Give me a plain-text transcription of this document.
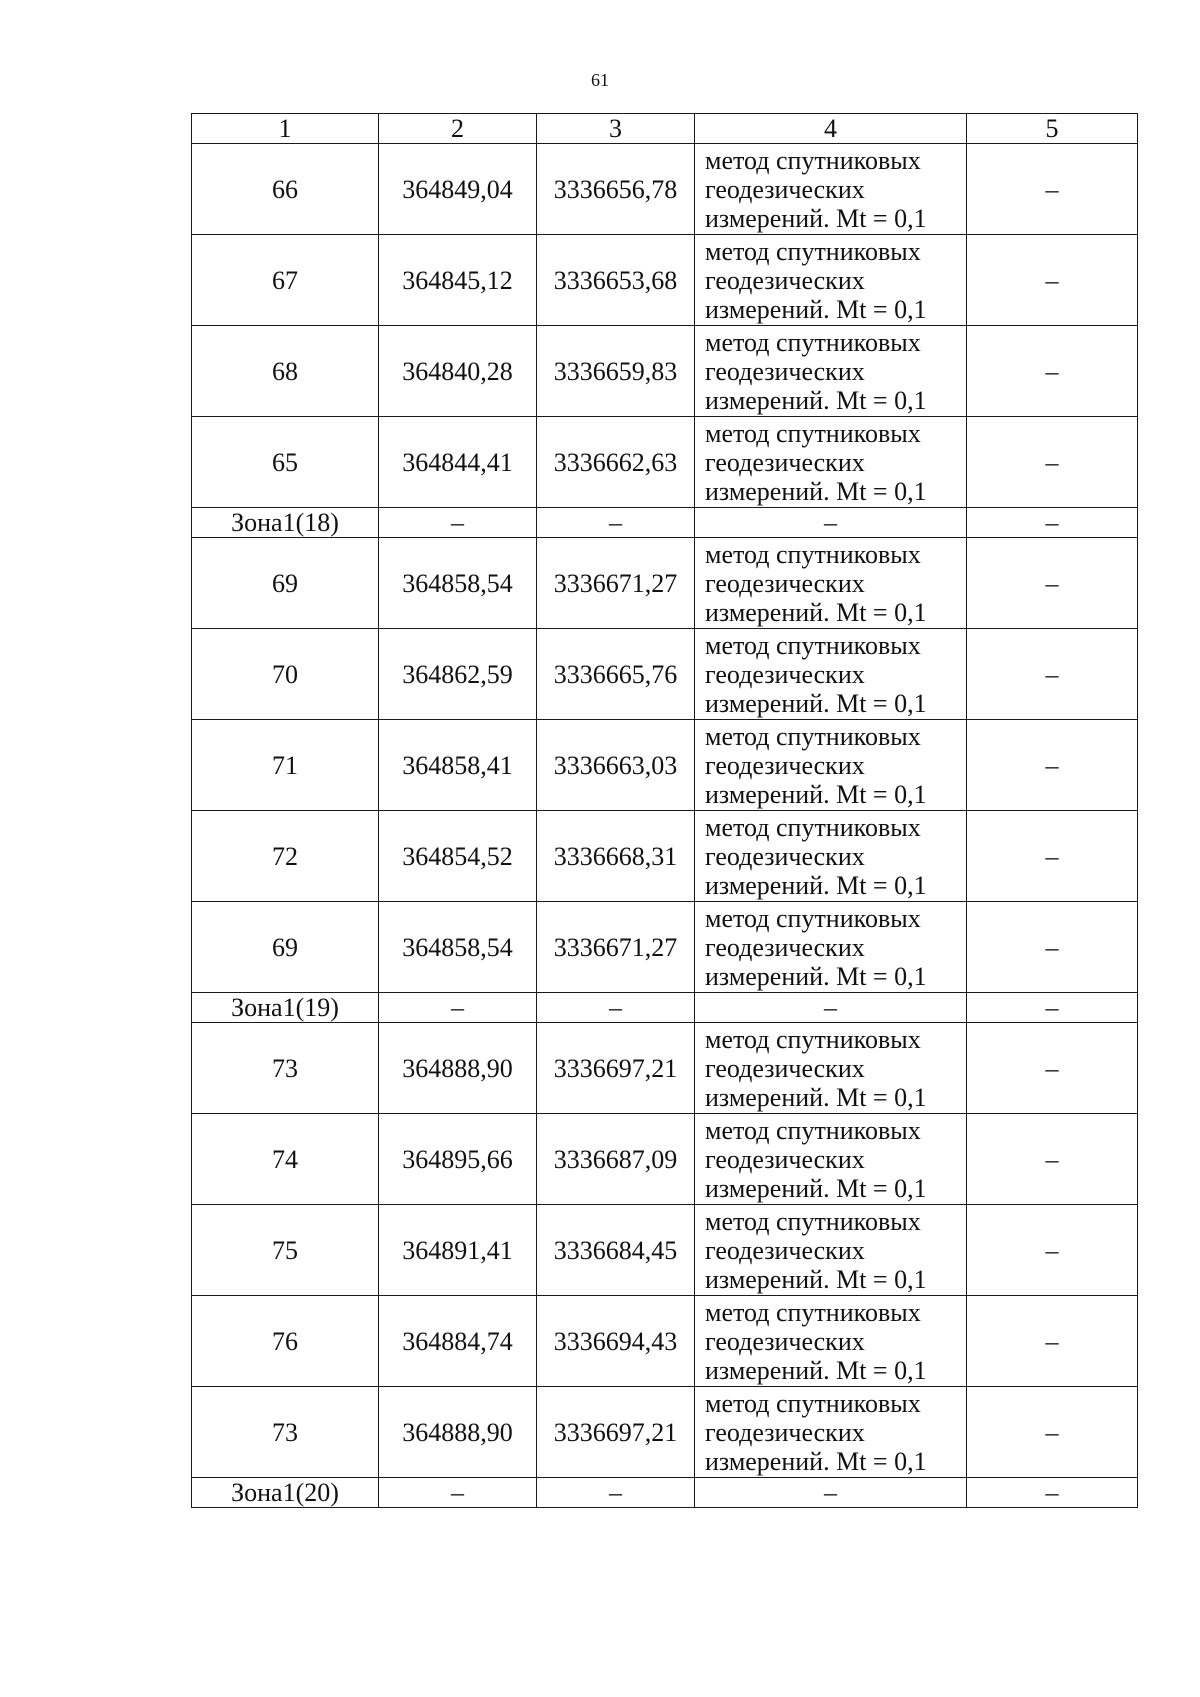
61
1	2	3	4	5
66	364849,04	3336656,78	метод спутниковых
геодезических
измерений. Mt = 0,1	–
67	364845,12	3336653,68	метод спутниковых
геодезических
измерений. Mt = 0,1	–
68	364840,28	3336659,83	метод спутниковых
геодезических
измерений. Mt = 0,1	–
65	364844,41	3336662,63	метод спутниковых
геодезических
измерений. Mt = 0,1	–
Зона1(18)	–	–	–	–
69	364858,54	3336671,27	метод спутниковых
геодезических
измерений. Mt = 0,1	–
70	364862,59	3336665,76	метод спутниковых
геодезических
измерений. Mt = 0,1	–
71	364858,41	3336663,03	метод спутниковых
геодезических
измерений. Mt = 0,1	–
72	364854,52	3336668,31	метод спутниковых
геодезических
измерений. Mt = 0,1	–
69	364858,54	3336671,27	метод спутниковых
геодезических
измерений. Mt = 0,1	–
Зона1(19)	–	–	–	–
73	364888,90	3336697,21	метод спутниковых
геодезических
измерений. Mt = 0,1	–
74	364895,66	3336687,09	метод спутниковых
геодезических
измерений. Mt = 0,1	–
75	364891,41	3336684,45	метод спутниковых
геодезических
измерений. Mt = 0,1	–
76	364884,74	3336694,43	метод спутниковых
геодезических
измерений. Mt = 0,1	–
73	364888,90	3336697,21	метод спутниковых
геодезических
измерений. Mt = 0,1	–
Зона1(20)	–	–	–	–
